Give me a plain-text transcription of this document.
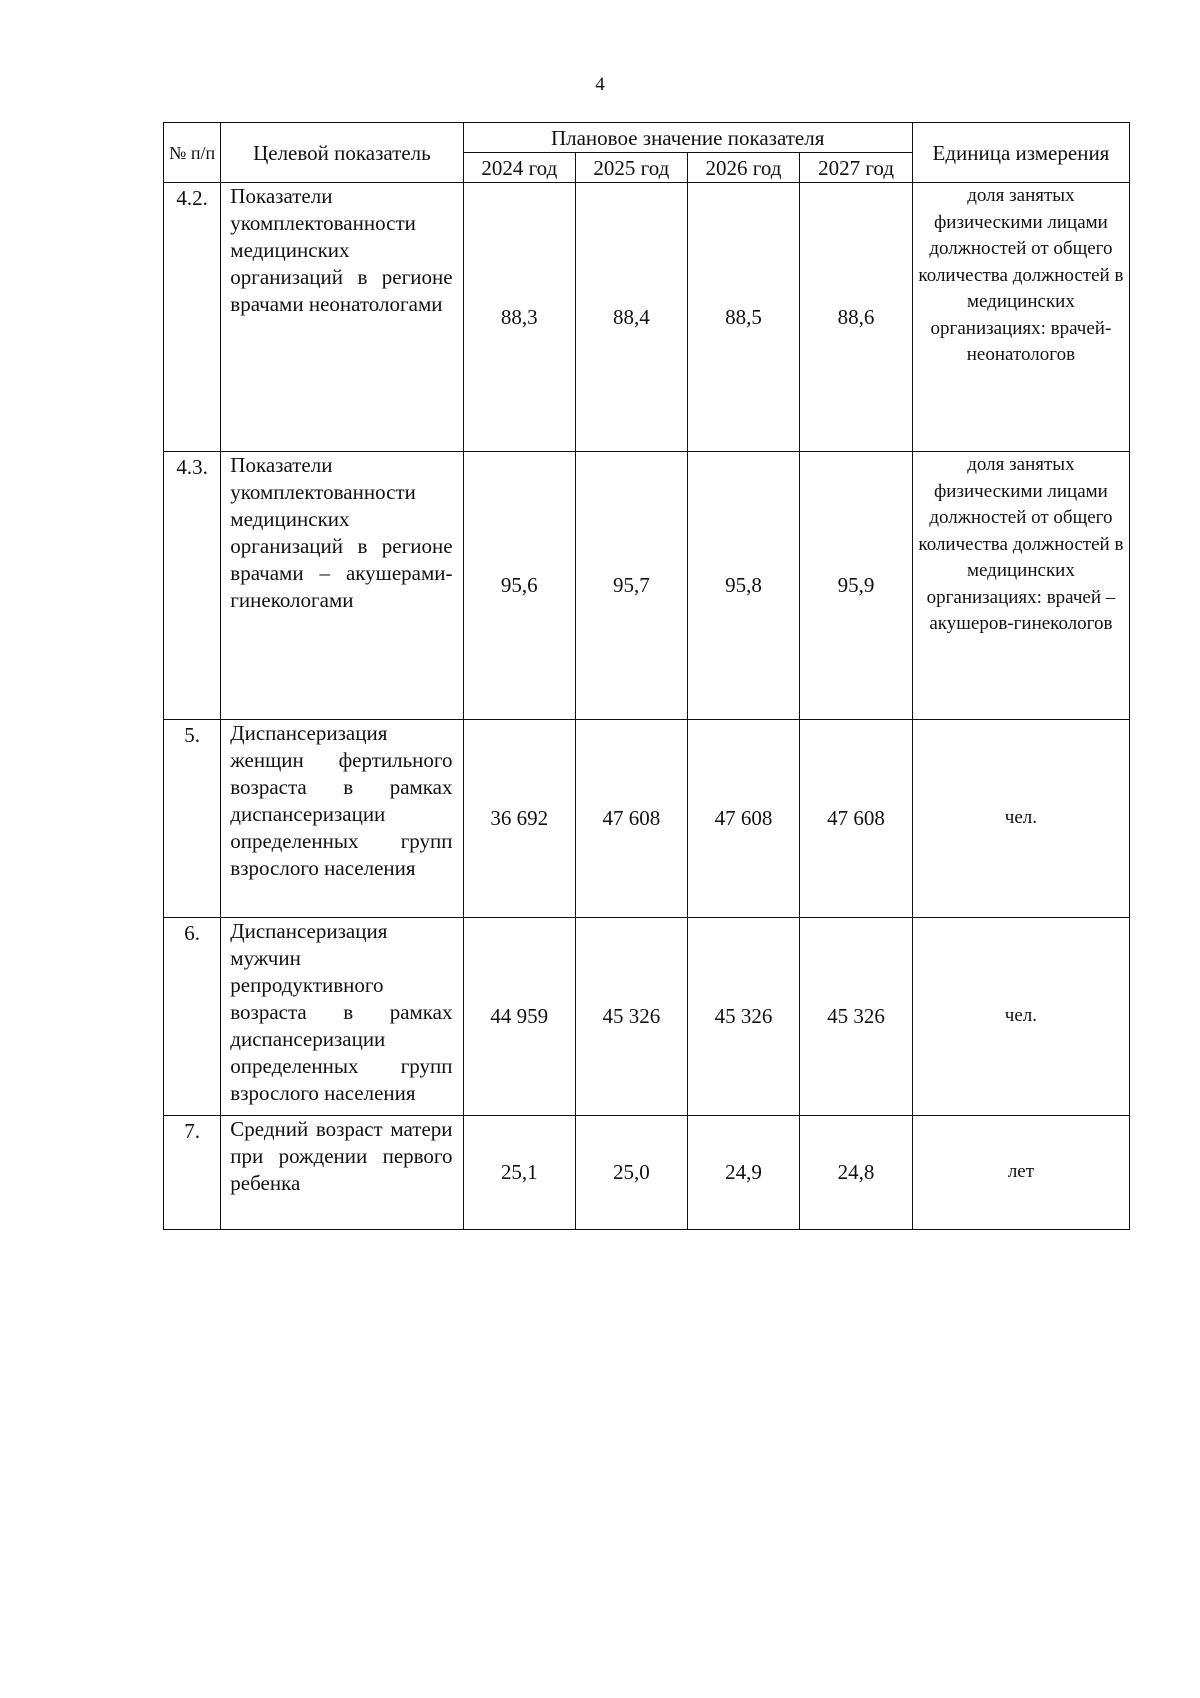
4
№ п/п	Целевой показатель	Плановое значение показателя				Единица измерения
		2024 год	2025 год	2026 год	2027 год	
4.2.	Показатели укомплектованности медицинских организаций в регионе врачами неонатологами	88,3	88,4	88,5	88,6	доля занятых физическими лицами должностей от общего количества должностей в медицинских организациях: врачей-неонатологов
4.3.	Показатели укомплектованности медицинских организаций в регионе врачами – акушерами-гинекологами	95,6	95,7	95,8	95,9	доля занятых физическими лицами должностей от общего количества должностей в медицинских организациях: врачей – акушеров-гинекологов
5.	Диспансеризация женщин фертильного возраста в рамках диспансеризации определенных групп взрослого населения	36 692	47 608	47 608	47 608	чел.
6.	Диспансеризация мужчин репродуктивного возраста в рамках диспансеризации определенных групп взрослого населения	44 959	45 326	45 326	45 326	чел.
7.	Средний возраст матери при рождении первого ребенка	25,1	25,0	24,9	24,8	лет
